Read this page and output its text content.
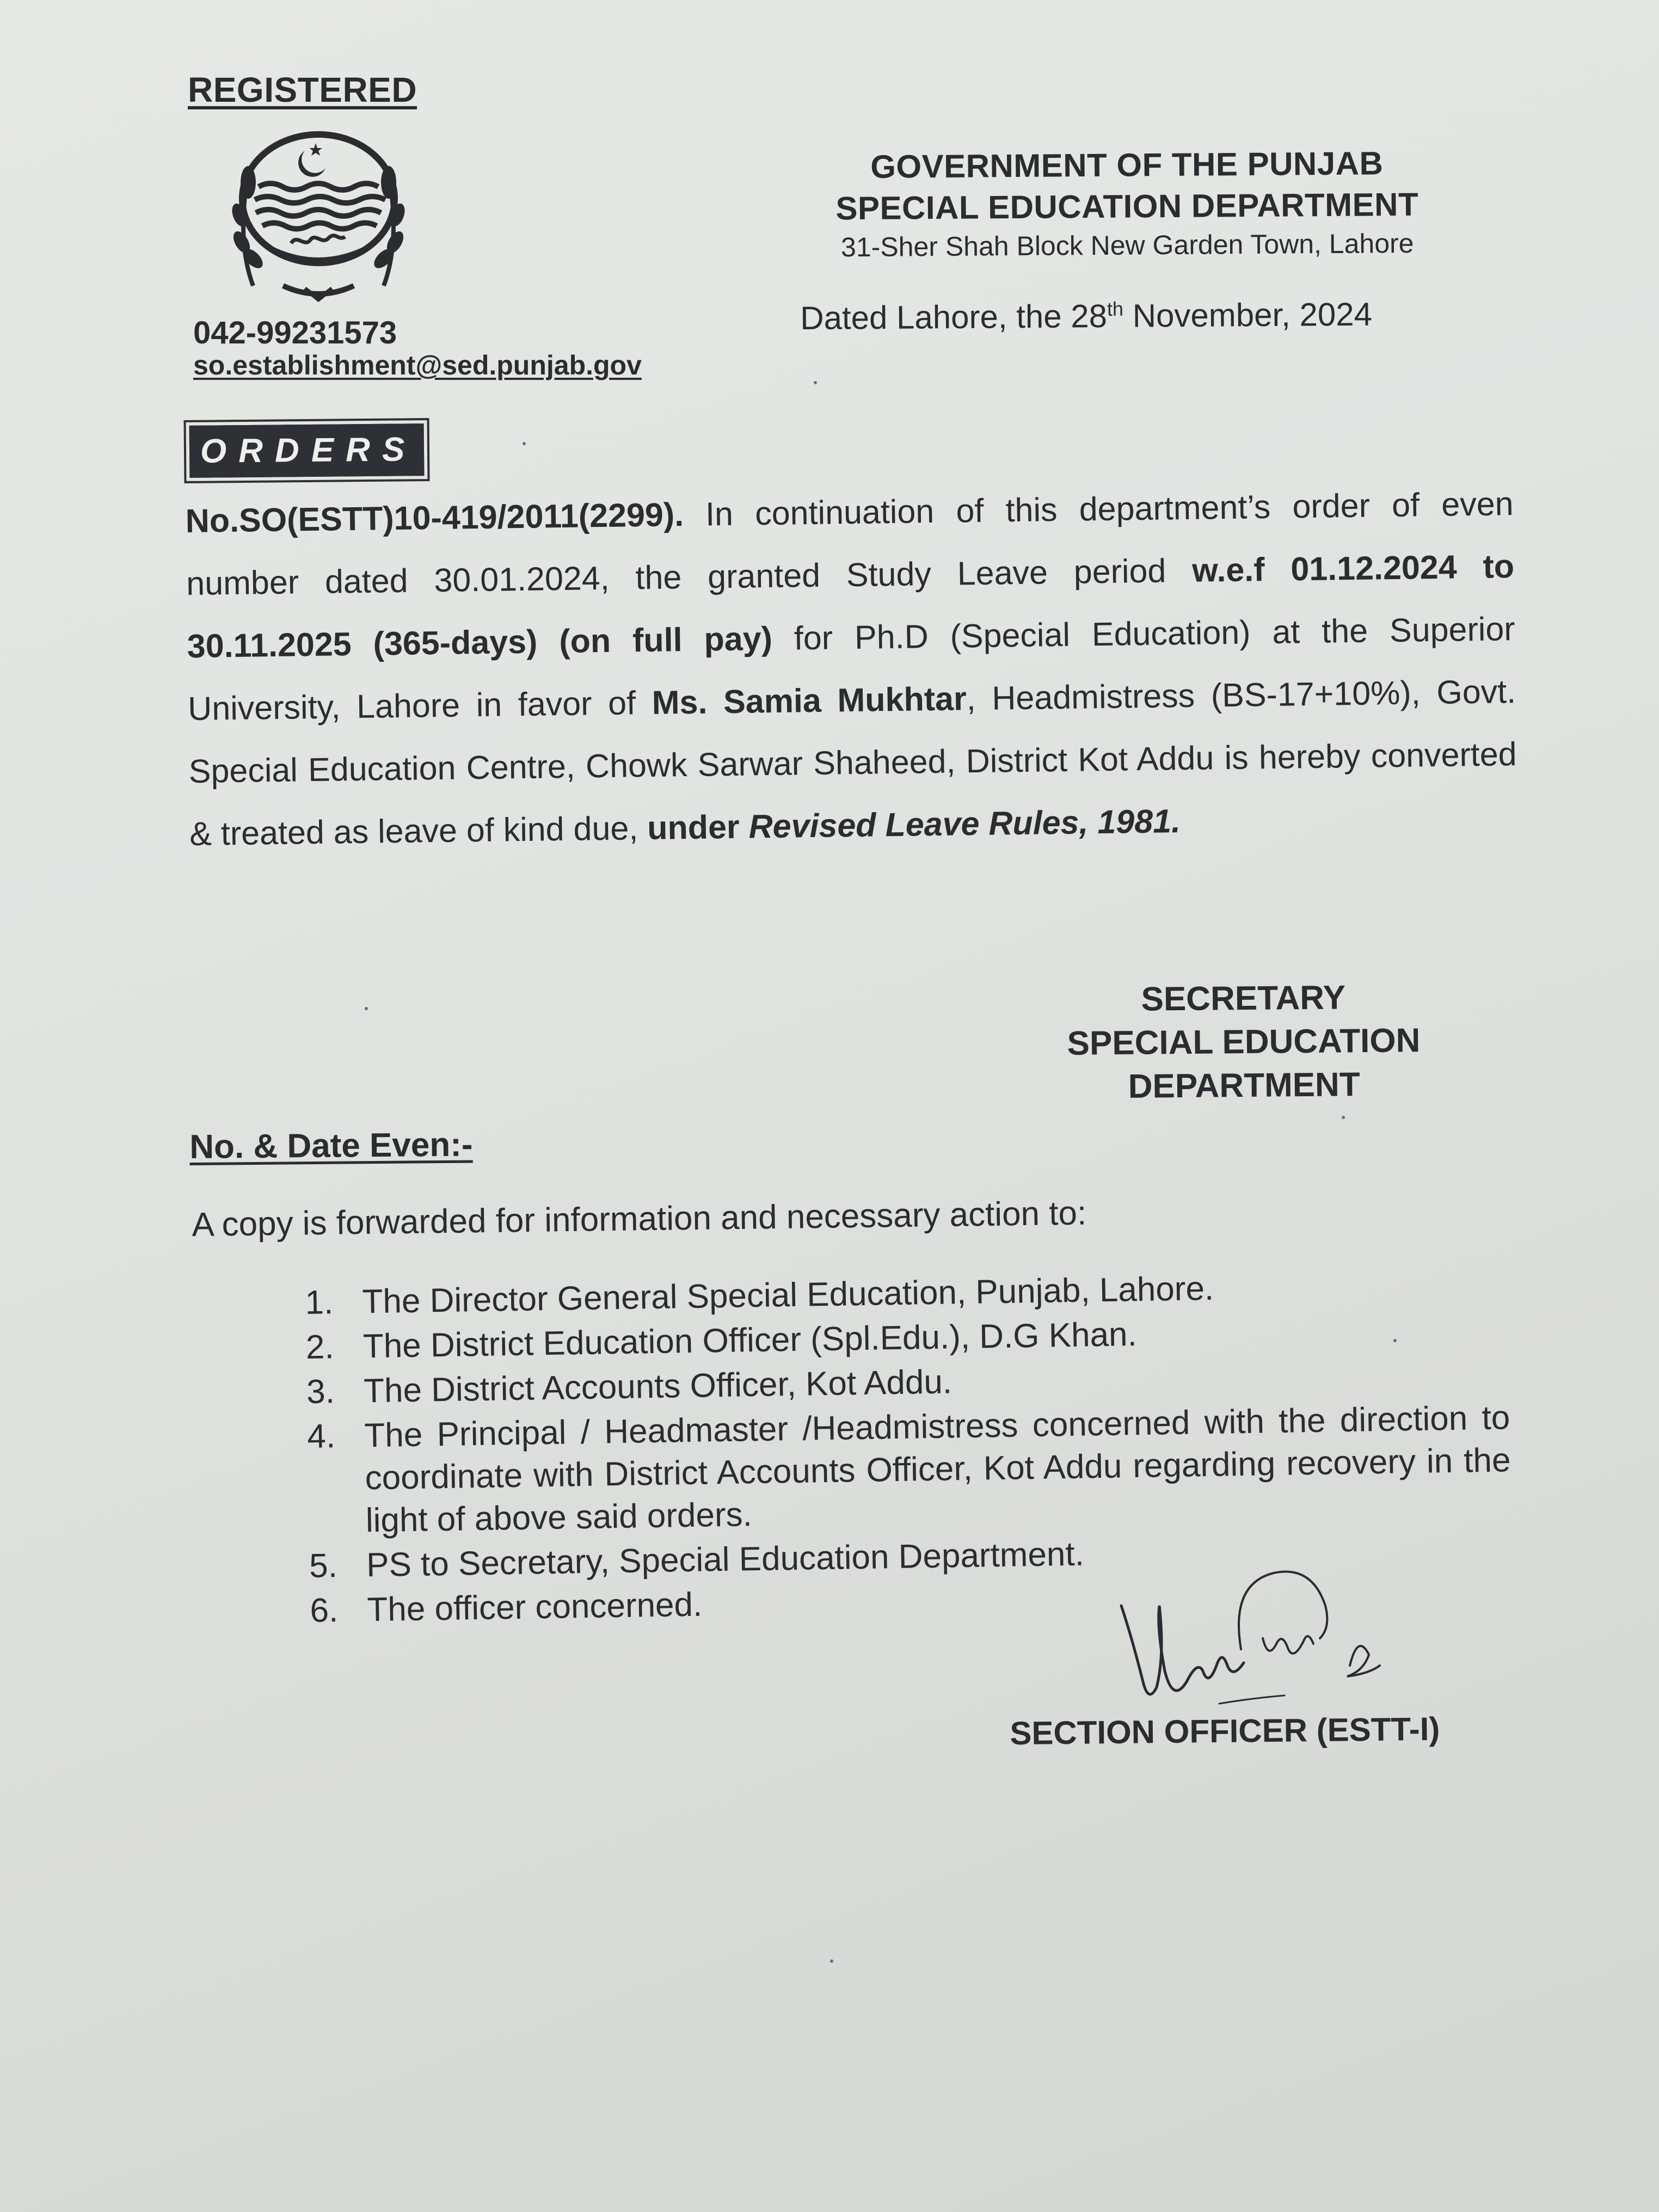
REGISTERED
042-99231573
so.establishment@sed.punjab.gov
GOVERNMENT OF THE PUNJAB
SPECIAL EDUCATION DEPARTMENT
31-Sher Shah Block New Garden Town, Lahore
Dated Lahore, the 28th November, 2024
ORDERS
No.SO(ESTT)10-419/2011(2299). In continuation of this department’s order of even number dated 30.01.2024, the granted Study Leave period w.e.f 01.12.2024 to 30.11.2025 (365-days) (on full pay) for Ph.D (Special Education) at the Superior University, Lahore in favor of Ms. Samia Mukhtar, Headmistress (BS-17+10%), Govt. Special Education Centre, Chowk Sarwar Shaheed, District Kot Addu is hereby converted & treated as leave of kind due, under Revised Leave Rules, 1981.
SECRETARY
SPECIAL EDUCATION
DEPARTMENT
No. & Date Even:-
A copy is forwarded for information and necessary action to:
1. The Director General Special Education, Punjab, Lahore.
2. The District Education Officer (Spl.Edu.), D.G Khan.
3. The District Accounts Officer, Kot Addu.
4. The Principal / Headmaster /Headmistress concerned with the direction to coordinate with District Accounts Officer, Kot Addu regarding recovery in the light of above said orders.
5. PS to Secretary, Special Education Department.
6. The officer concerned.
SECTION OFFICER (ESTT-I)
